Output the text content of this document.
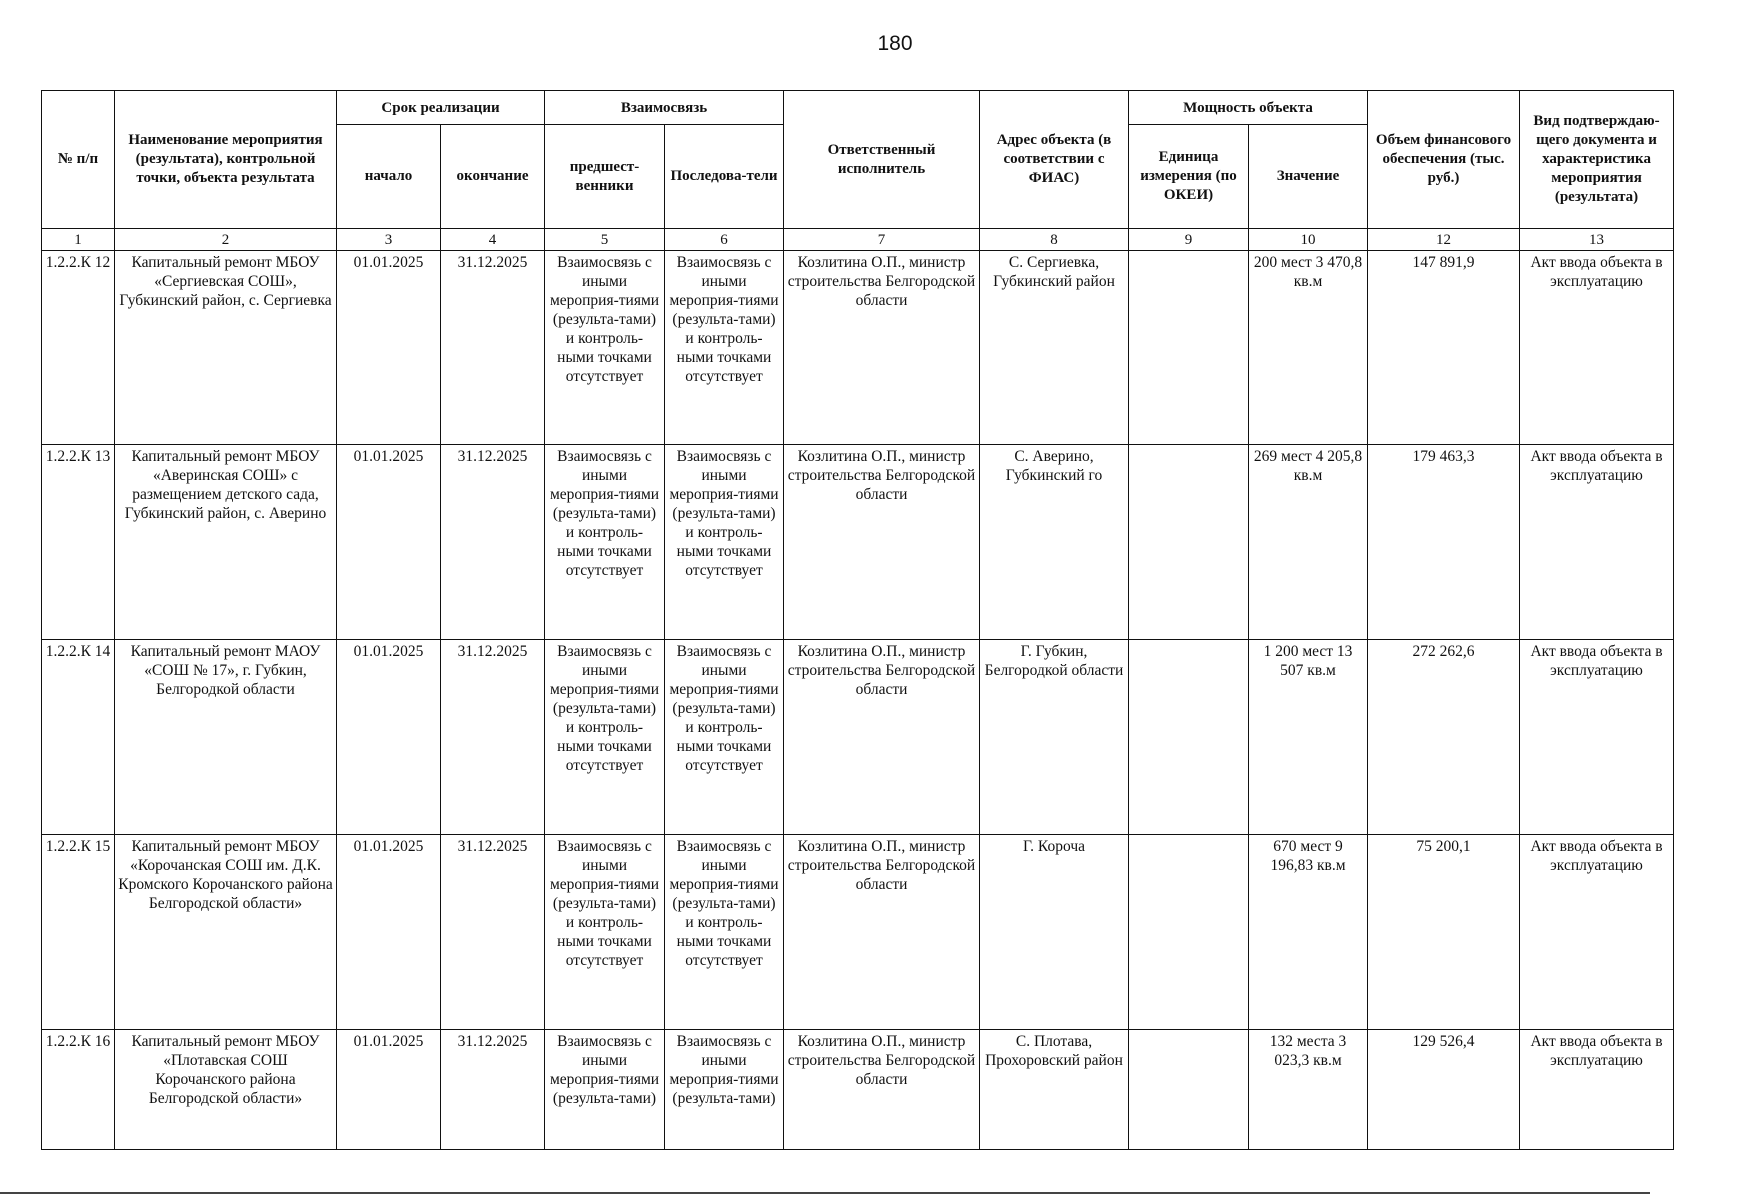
180
№ п/п	Наименование мероприятия (результата), контрольной точки, объекта результата	Срок реализации		Взаимосвязь		Ответственный исполнитель	Адрес объекта (в соответствии с ФИАС)	Мощность объекта		Объем финансового обеспечения (тыс. руб.)	Вид подтверждаю-щего документа и характеристика мероприятия (результата)
		начало	окончание	предшест-венники	Последова-тели			Единица измерения (по ОКЕИ)	Значение		
1	2	3	4	5	6	7	8	9	10	12	13
1.2.2.К 12	Капитальный ремонт МБОУ «Сергиевская СОШ», Губкинский район, с. Сергиевка	01.01.2025	31.12.2025	Взаимосвязь с иными мероприя-тиями (результа-тами) и контроль-ными точками отсутствует	Взаимосвязь с иными мероприя-тиями (результа-тами) и контроль-ными точками отсутствует	Козлитина О.П., министр строительства Белгородской области	С. Сергиевка, Губкинский район		200 мест 3 470,8 кв.м	147 891,9	Акт ввода объекта в эксплуатацию
1.2.2.К 13	Капитальный ремонт МБОУ «Аверинская СОШ» с размещением детского сада, Губкинский район, с. Аверино	01.01.2025	31.12.2025	Взаимосвязь с иными мероприя-тиями (результа-тами) и контроль-ными точками отсутствует	Взаимосвязь с иными мероприя-тиями (результа-тами) и контроль-ными точками отсутствует	Козлитина О.П., министр строительства Белгородской области	С. Аверино, Губкинский го		269 мест 4 205,8 кв.м	179 463,3	Акт ввода объекта в эксплуатацию
1.2.2.К 14	Капитальный ремонт МАОУ «СОШ № 17», г. Губкин, Белгородкой области	01.01.2025	31.12.2025	Взаимосвязь с иными мероприя-тиями (результа-тами) и контроль-ными точками отсутствует	Взаимосвязь с иными мероприя-тиями (результа-тами) и контроль-ными точками отсутствует	Козлитина О.П., министр строительства Белгородской области	Г. Губкин, Белгородкой области		1 200 мест 13 507 кв.м	272 262,6	Акт ввода объекта в эксплуатацию
1.2.2.К 15	Капитальный ремонт МБОУ «Корочанская СОШ им. Д.К. Кромского Корочанского района Белгородской области»	01.01.2025	31.12.2025	Взаимосвязь с иными мероприя-тиями (результа-тами) и контроль-ными точками отсутствует	Взаимосвязь с иными мероприя-тиями (результа-тами) и контроль-ными точками отсутствует	Козлитина О.П., министр строительства Белгородской области	Г. Короча		670 мест 9 196,83 кв.м	75 200,1	Акт ввода объекта в эксплуатацию
1.2.2.К 16	Капитальный ремонт МБОУ «Плотавская СОШ Корочанского района Белгородской области»	01.01.2025	31.12.2025	Взаимосвязь с иными мероприя-тиями (результа-тами)	Взаимосвязь с иными мероприя-тиями (результа-тами)	Козлитина О.П., министр строительства Белгородской области	С. Плотава, Прохоровский район		132 места 3 023,3 кв.м	129 526,4	Акт ввода объекта в эксплуатацию
